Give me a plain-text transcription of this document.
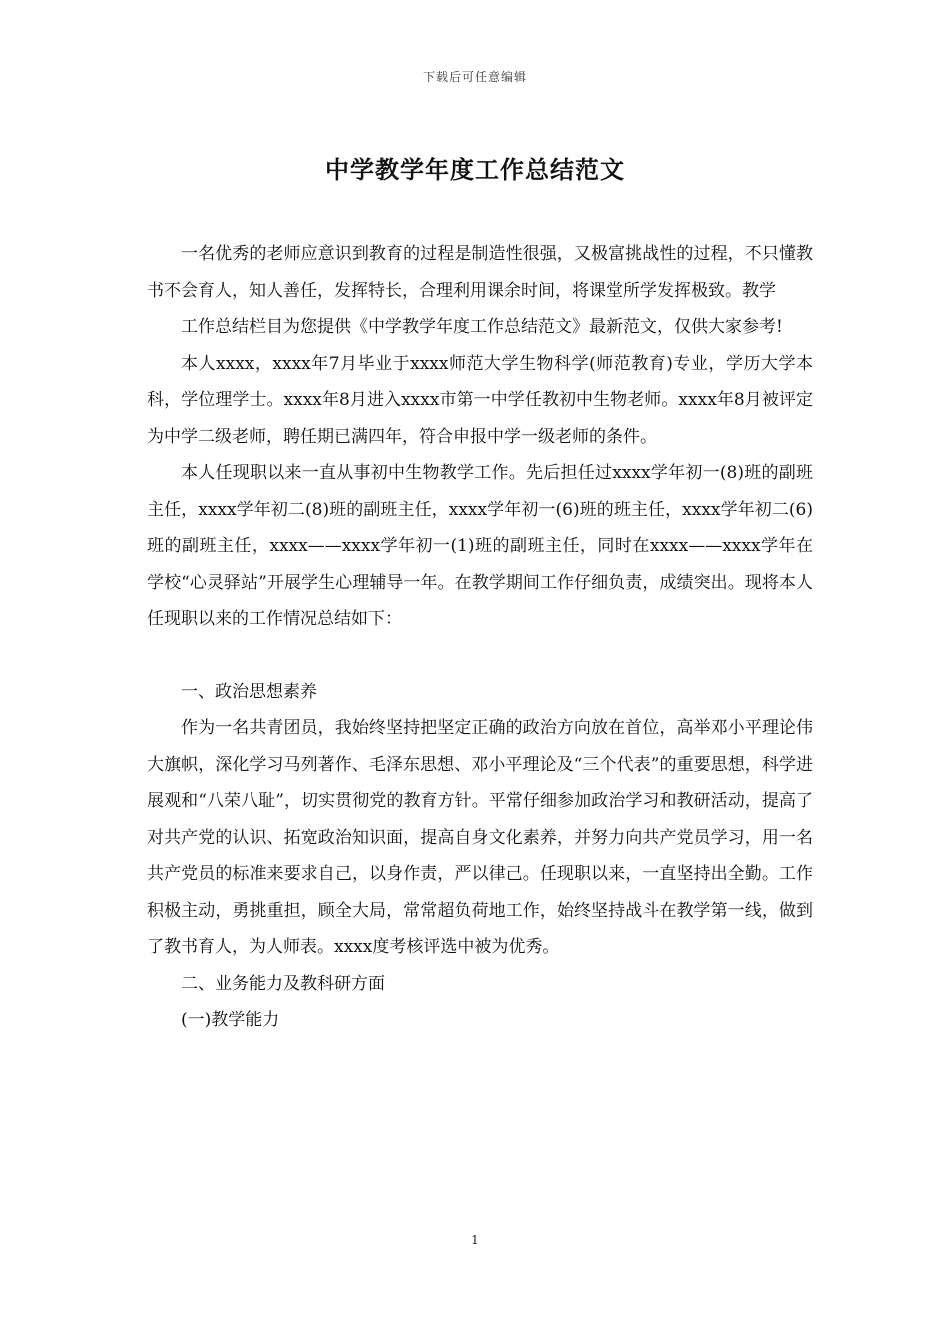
下载后可任意编辑
中学教学年度工作总结范文

一名优秀的老师应意识到教育的过程是制造性很强，又极富挑战性的过程，不只懂教书不会育人，知人善任，发挥特长，合理利用课余时间，将课堂所学发挥极致。教学

工作总结栏目为您提供《中学教学年度工作总结范文》最新范文，仅供大家参考!

本人xxxx，xxxx年7月毕业于xxxx师范大学生物科学(师范教育)专业，学历大学本科，学位理学士。xxxx年8月进入xxxx市第一中学任教初中生物老师。xxxx年8月被评定为中学二级老师，聘任期已满四年，符合申报中学一级老师的条件。

本人任现职以来一直从事初中生物教学工作。先后担任过xxxx学年初一(8)班的副班主任，xxxx学年初二(8)班的副班主任，xxxx学年初一(6)班的班主任，xxxx学年初二(6)班的副班主任，xxxx——xxxx学年初一(1)班的副班主任，同时在xxxx——xxxx学年在学校“心灵驿站”开展学生心理辅导一年。在教学期间工作仔细负责，成绩突出。现将本人任现职以来的工作情况总结如下：

一、政治思想素养

作为一名共青团员，我始终坚持把坚定正确的政治方向放在首位，高举邓小平理论伟大旗帜，深化学习马列著作、毛泽东思想、邓小平理论及“三个代表”的重要思想，科学进展观和“八荣八耻”，切实贯彻党的教育方针。平常仔细参加政治学习和教研活动，提高了对共产党的认识、拓宽政治知识面，提高自身文化素养，并努力向共产党员学习，用一名共产党员的标准来要求自己，以身作责，严以律己。任现职以来，一直坚持出全勤。工作积极主动，勇挑重担，顾全大局，常常超负荷地工作，始终坚持战斗在教学第一线，做到了教书育人，为人师表。xxxx度考核评选中被为优秀。

二、业务能力及教科研方面

(一)教学能力

1
